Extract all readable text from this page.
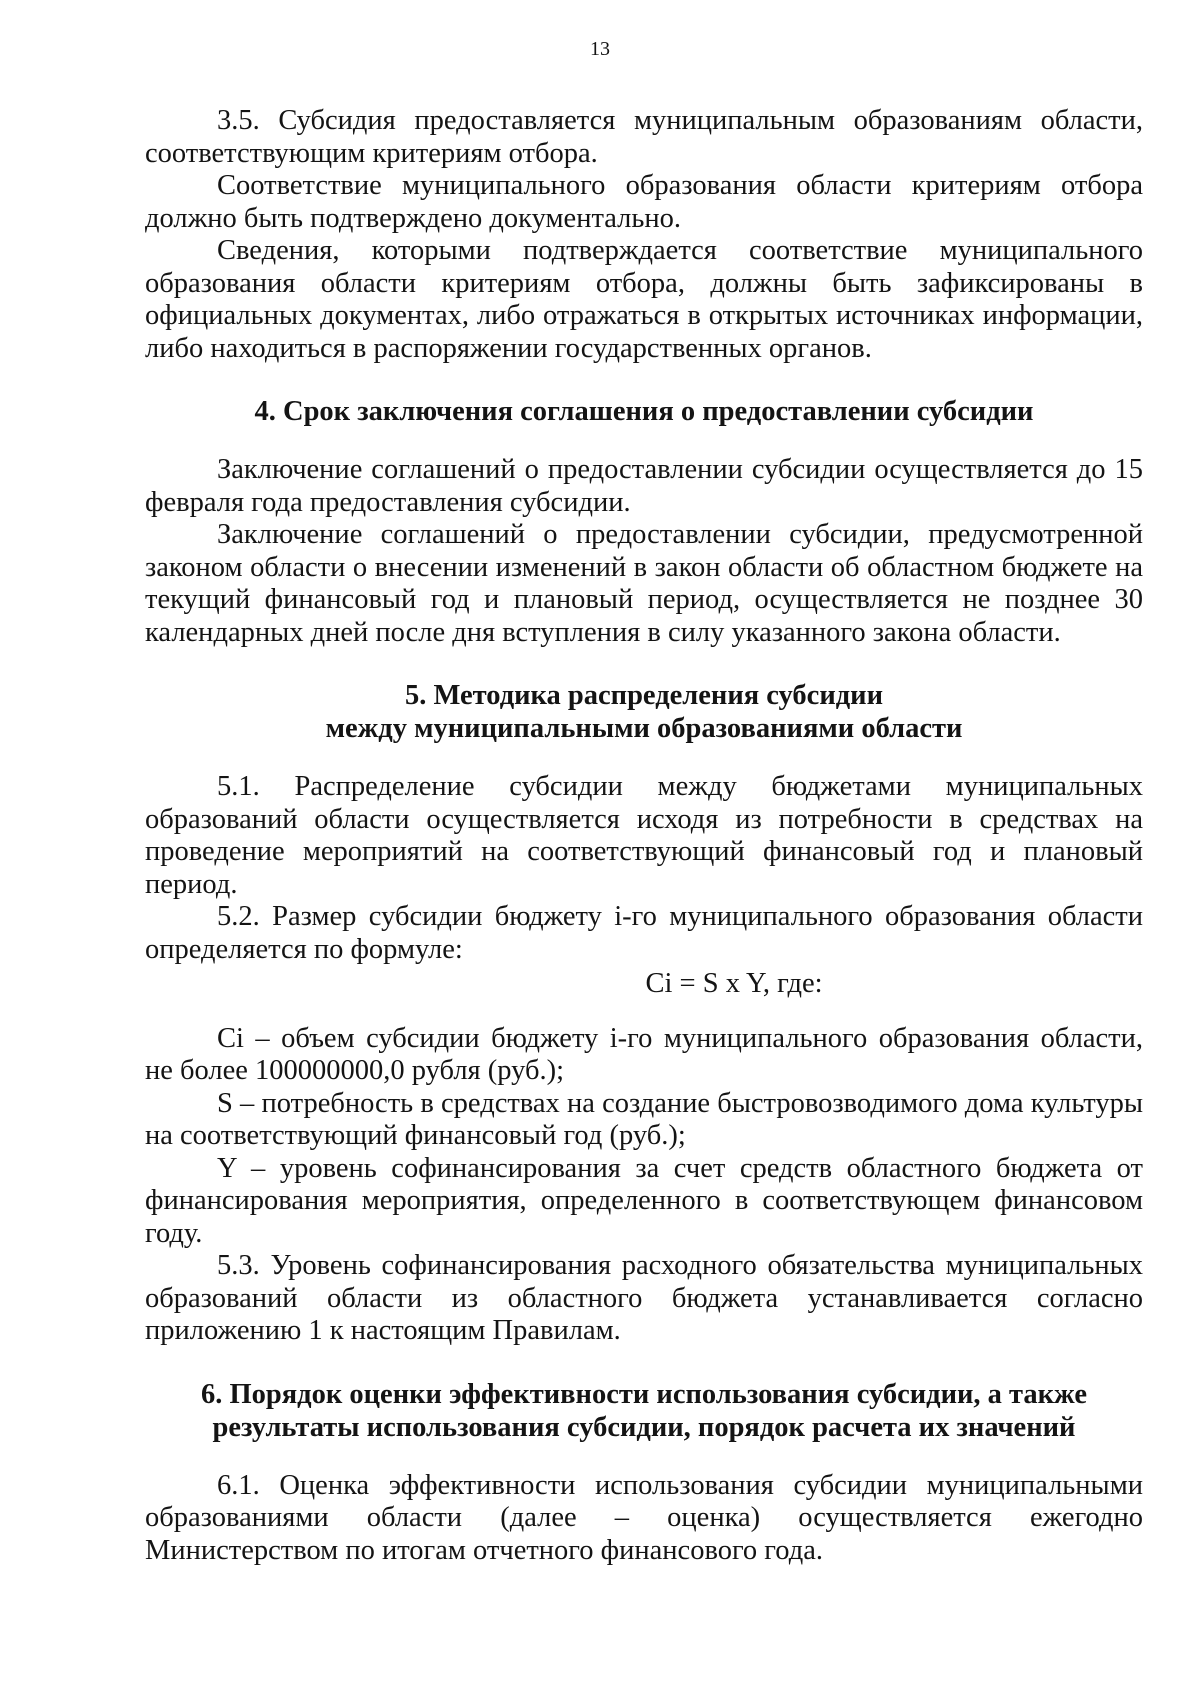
13

3.5. Субсидия предоставляется муниципальным образованиям области, соответствующим критериям отбора.

Соответствие муниципального образования области критериям отбора должно быть подтверждено документально.

Сведения, которыми подтверждается соответствие муниципального образования области критериям отбора, должны быть зафиксированы в официальных документах, либо отражаться в открытых источниках информации, либо находиться в распоряжении государственных органов.

4. Срок заключения соглашения о предоставлении субсидии

Заключение соглашений о предоставлении субсидии осуществляется до 15 февраля года предоставления субсидии.

Заключение соглашений о предоставлении субсидии, предусмотренной законом области о внесении изменений в закон области об областном бюджете на текущий финансовый год и плановый период, осуществляется не позднее 30 календарных дней после дня вступления в силу указанного закона области.

5. Методика распределения субсидии
между муниципальными образованиями области

5.1. Распределение субсидии между бюджетами муниципальных образований области осуществляется исходя из потребности в средствах на проведение мероприятий на соответствующий финансовый год и плановый период.

5.2. Размер субсидии бюджету i-го муниципального образования области определяется по формуле:

Ci = S x Y, где:

Ci – объем субсидии бюджету i-го муниципального образования области, не более 100000000,0 рубля (руб.);

S – потребность в средствах на создание быстровозводимого дома культуры на соответствующий финансовый год (руб.);

Y – уровень софинансирования за счет средств областного бюджета от финансирования мероприятия, определенного в соответствующем финансовом году.

5.3. Уровень софинансирования расходного обязательства муниципальных образований области из областного бюджета устанавливается согласно приложению 1 к настоящим Правилам.

6. Порядок оценки эффективности использования субсидии, а также
результаты использования субсидии, порядок расчета их значений

6.1. Оценка эффективности использования субсидии муниципальными образованиями области (далее – оценка) осуществляется ежегодно Министерством по итогам отчетного финансового года.
